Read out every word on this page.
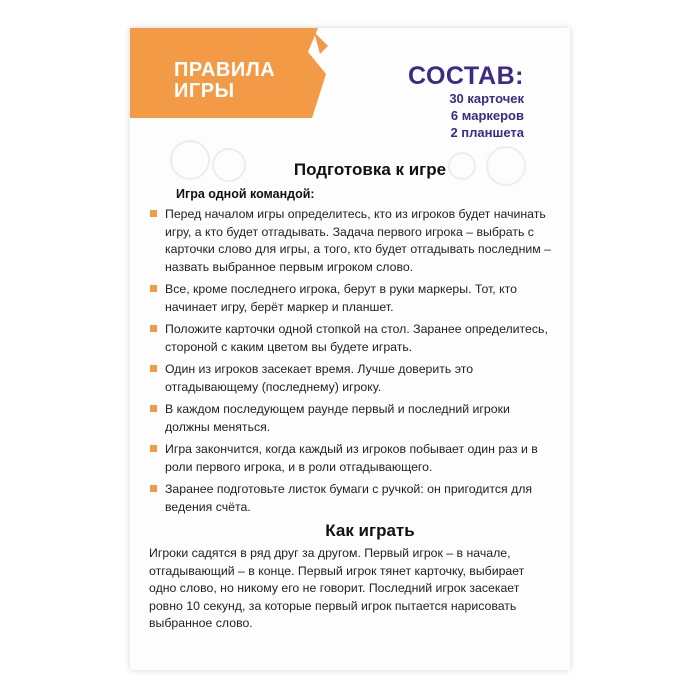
ПРАВИЛА
ИГРЫ
СОСТАВ:
30 карточек
6 маркеров
2 планшета
Подготовка к игре
Игра одной командой:
Перед началом игры определитесь, кто из игроков будет начинать игру, а кто будет отгадывать. Задача первого игрока – выбрать с карточки слово для игры, а того, кто будет отгадывать последним – назвать выбранное первым игроком слово.
Все, кроме последнего игрока, берут в руки маркеры. Тот, кто начинает игру, берёт маркер и планшет.
Положите карточки одной стопкой на стол. Заранее определитесь, стороной с каким цветом вы будете играть.
Один из игроков засекает время. Лучше доверить это отгадывающему (последнему) игроку.
В каждом последующем раунде первый и последний игроки должны меняться.
Игра закончится, когда каждый из игроков побывает один раз и в роли первого игрока, и в роли отгадывающего.
Заранее подготовьте листок бумаги с ручкой: он пригодится для ведения счёта.
Как играть
Игроки садятся в ряд друг за другом. Первый игрок – в начале, отгадывающий – в конце. Первый игрок тянет карточку, выбирает одно слово, но никому его не говорит. Последний игрок засекает ровно 10 секунд, за которые первый игрок пытается нарисовать выбранное слово.
